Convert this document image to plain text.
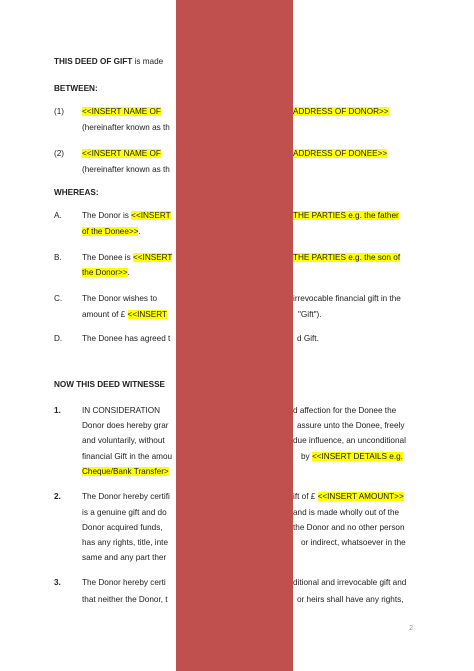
THIS DEED OF GIFT is made
BETWEEN:
(1) <<INSERT NAME OF	ADDRESS OF DONOR>>
(hereinafter known as th
(2) <<INSERT NAME OF	ADDRESS OF DONEE>>
(hereinafter known as th
WHEREAS:
A. The Donor is <<INSERT	THE PARTIES e.g. the father
of the Donee>>.
B. The Donee is <<INSERT	THE PARTIES e.g. the son of
the Donor>>.
C. The Donor wishes to	irrevocable financial gift in the
amount of £ <<INSERT	"Gift").
D. The Donee has agreed t	d Gift.
NOW THIS DEED WITNESSE
1.	IN CONSIDERATION	d affection for the Donee the
Donor does hereby grar	assure unto the Donee, freely
and voluntarily, without	due influence, an unconditional
financial Gift in the amou	by <<INSERT DETAILS e.g.
Cheque/Bank Transfer>
2.	The Donor hereby certifi	ift of £ <<INSERT AMOUNT>>
is a genuine gift and do	and is made wholly out of the
Donor acquired funds,	the Donor and no other person
has any rights, title, inte	or indirect, whatsoever in the
same and any part ther
3.	The Donor hereby certi	ditional and irrevocable gift and
that neither the Donor, t	or heirs shall have any rights,
2
